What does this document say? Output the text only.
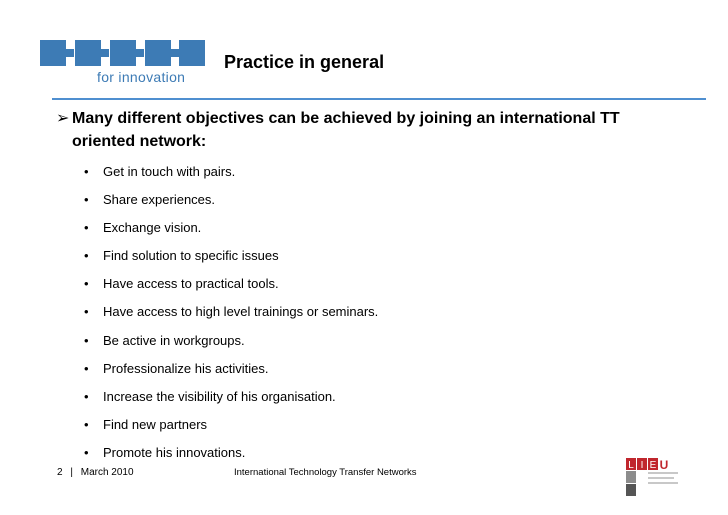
for innovation
Practice in general
➢ Many different objectives can be achieved by joining an international TT
oriented network:
•	Get in touch with pairs.
•	Share experiences.
•	Exchange vision.
•	Find solution to specific issues
•	Have access to practical tools.
•	Have access to high level trainings or seminars.
•	Be active in workgroups.
•	Professionalize his activities.
•	Increase the visibility of his organisation.
•	Find new partners
•	Promote his innovations.
2 | March 2010	International Technology Transfer Networks
L I E U
